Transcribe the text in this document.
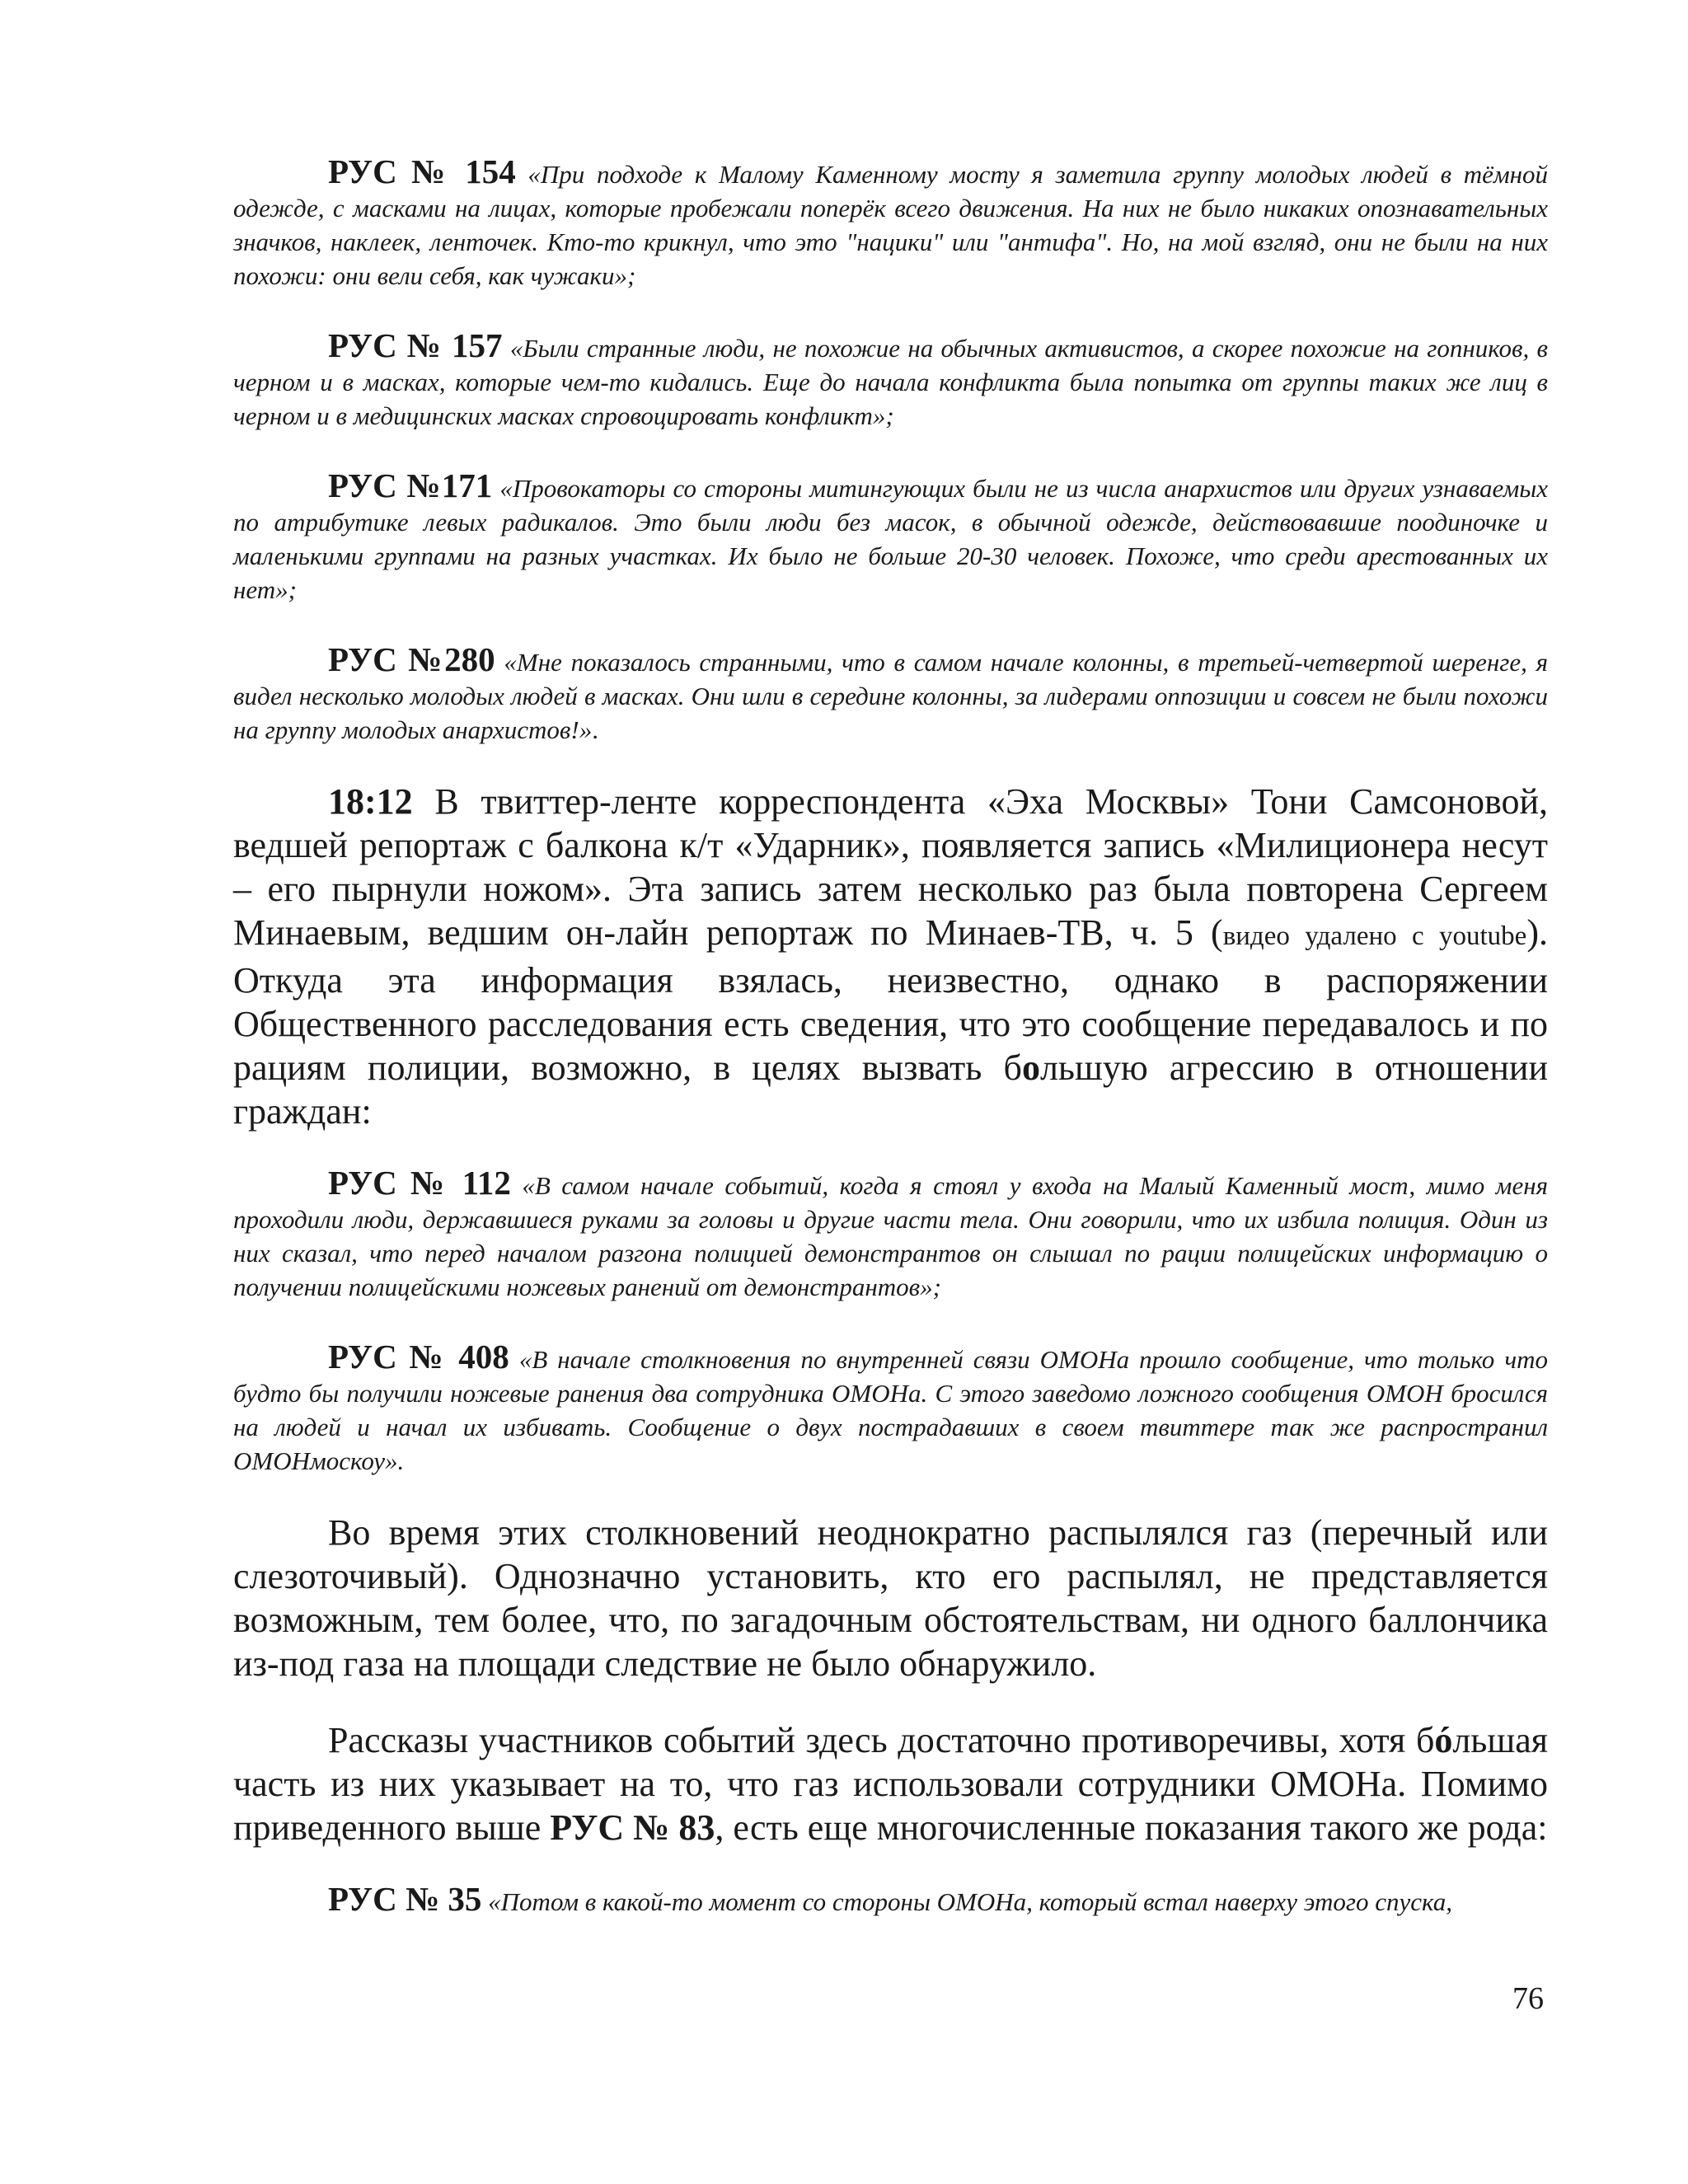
РУС № 154 «При подходе к Малому Каменному мосту я заметила группу молодых людей в тёмной одежде, с масками на лицах, которые пробежали поперёк всего движения. На них не было никаких опознавательных значков, наклеек, ленточек. Кто-то крикнул, что это "нацики" или "антифа". Но, на мой взгляд, они не были на них похожи: они вели себя, как чужаки»;

РУС № 157 «Были странные люди, не похожие на обычных активистов, а скорее похожие на гопников, в черном и в масках, которые чем-то кидались. Еще до начала конфликта была попытка от группы таких же лиц в черном и в медицинских масках спровоцировать конфликт»;

РУС №171 «Провокаторы со стороны митингующих были не из числа анархистов или других узнаваемых по атрибутике левых радикалов. Это были люди без масок, в обычной одежде, действовавшие поодиночке и маленькими группами на разных участках. Их было не больше 20-30 человек. Похоже, что среди арестованных их нет»;

РУС №280 «Мне показалось странными, что в самом начале колонны, в третьей-четвертой шеренге, я видел несколько молодых людей в масках. Они шли в середине колонны, за лидерами оппозиции и совсем не были похожи на группу молодых анархистов!».

18:12 В твиттер-ленте корреспондента «Эха Москвы» Тони Самсоновой, ведшей репортаж с балкона к/т «Ударник», появляется запись «Милиционера несут – его пырнули ножом». Эта запись затем несколько раз была повторена Сергеем Минаевым, ведшим он-лайн репортаж по Минаев-ТВ, ч. 5 (видео удалено с youtube). Откуда эта информация взялась, неизвестно, однако в распоряжении Общественного расследования есть сведения, что это сообщение передавалось и по рациям полиции, возможно, в целях вызвать большую агрессию в отношении граждан:

РУС № 112 «В самом начале событий, когда я стоял у входа на Малый Каменный мост, мимо меня проходили люди, державшиеся руками за головы и другие части тела. Они говорили, что их избила полиция. Один из них сказал, что перед началом разгона полицией демонстрантов он слышал по рации полицейских информацию о получении полицейскими ножевых ранений от демонстрантов»;

РУС № 408 «В начале столкновения по внутренней связи ОМОНа прошло сообщение, что только что будто бы получили ножевые ранения два сотрудника ОМОНа. С этого заведомо ложного сообщения ОМОН бросился на людей и начал их избивать. Сообщение о двух пострадавших в своем твиттере так же распространил ОМОНмоскоу».

Во время этих столкновений неоднократно распылялся газ (перечный или слезоточивый). Однозначно установить, кто его распылял, не представляется возможным, тем более, что, по загадочным обстоятельствам, ни одного баллончика из-под газа на площади следствие не было обнаружило.

Рассказы участников событий здесь достаточно противоречивы, хотя бóльшая часть из них указывает на то, что газ использовали сотрудники ОМОНа. Помимо приведенного выше РУС № 83, есть еще многочисленные показания такого же рода:

РУС № 35 «Потом в какой-то момент со стороны ОМОНа, который встал наверху этого спуска,

76
